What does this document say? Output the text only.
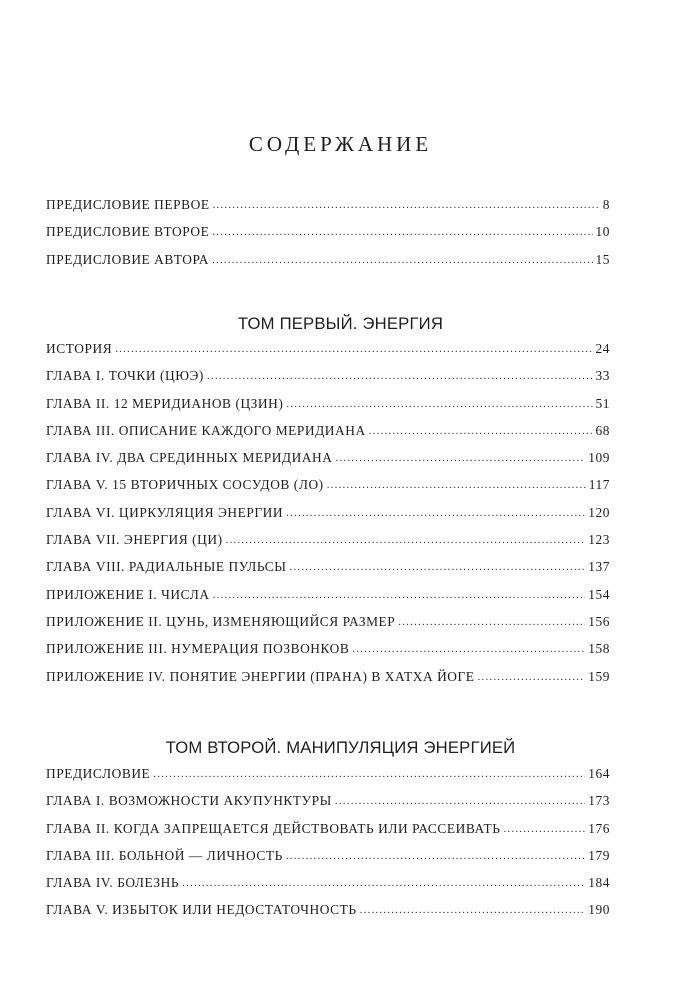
СОДЕРЖАНИЕ
ПРЕДИСЛОВИЕ ПЕРВОЕ .....	8
ПРЕДИСЛОВИЕ ВТОРОЕ .....	10
ПРЕДИСЛОВИЕ АВТОРА .....	15
ТОМ ПЕРВЫЙ. ЭНЕРГИЯ
ИСТОРИЯ .....	24
ГЛАВА I. ТОЧКИ (ЦЮЭ) .....	33
ГЛАВА II. 12 МЕРИДИАНОВ (ЦЗИН) .....	51
ГЛАВА III. ОПИСАНИЕ КАЖДОГО МЕРИДИАНА .....	68
ГЛАВА IV. ДВА СРЕДИННЫХ МЕРИДИАНА .....	109
ГЛАВА V. 15 ВТОРИЧНЫХ СОСУДОВ (ЛО) .....	117
ГЛАВА VI. ЦИРКУЛЯЦИЯ ЭНЕРГИИ .....	120
ГЛАВА VII. ЭНЕРГИЯ (ЦИ) .....	123
ГЛАВА VIII. РАДИАЛЬНЫЕ ПУЛЬСЫ .....	137
ПРИЛОЖЕНИЕ I. ЧИСЛА .....	154
ПРИЛОЖЕНИЕ II. ЦУНЬ, ИЗМЕНЯЮЩИЙСЯ РАЗМЕР .....	156
ПРИЛОЖЕНИЕ III. НУМЕРАЦИЯ ПОЗВОНКОВ .....	158
ПРИЛОЖЕНИЕ IV. ПОНЯТИЕ ЭНЕРГИИ (ПРАНА) В ХАТХА ЙОГЕ .....	159
ТОМ ВТОРОЙ. МАНИПУЛЯЦИЯ ЭНЕРГИЕЙ
ПРЕДИСЛОВИЕ .....	164
ГЛАВА I. ВОЗМОЖНОСТИ АКУПУНКТУРЫ .....	173
ГЛАВА II. КОГДА ЗАПРЕЩАЕТСЯ ДЕЙСТВОВАТЬ ИЛИ РАССЕИВАТЬ .....	176
ГЛАВА III. БОЛЬНОЙ — ЛИЧНОСТЬ .....	179
ГЛАВА IV. БОЛЕЗНЬ .....	184
ГЛАВА V. ИЗБЫТОК ИЛИ НЕДОСТАТОЧНОСТЬ .....	190
